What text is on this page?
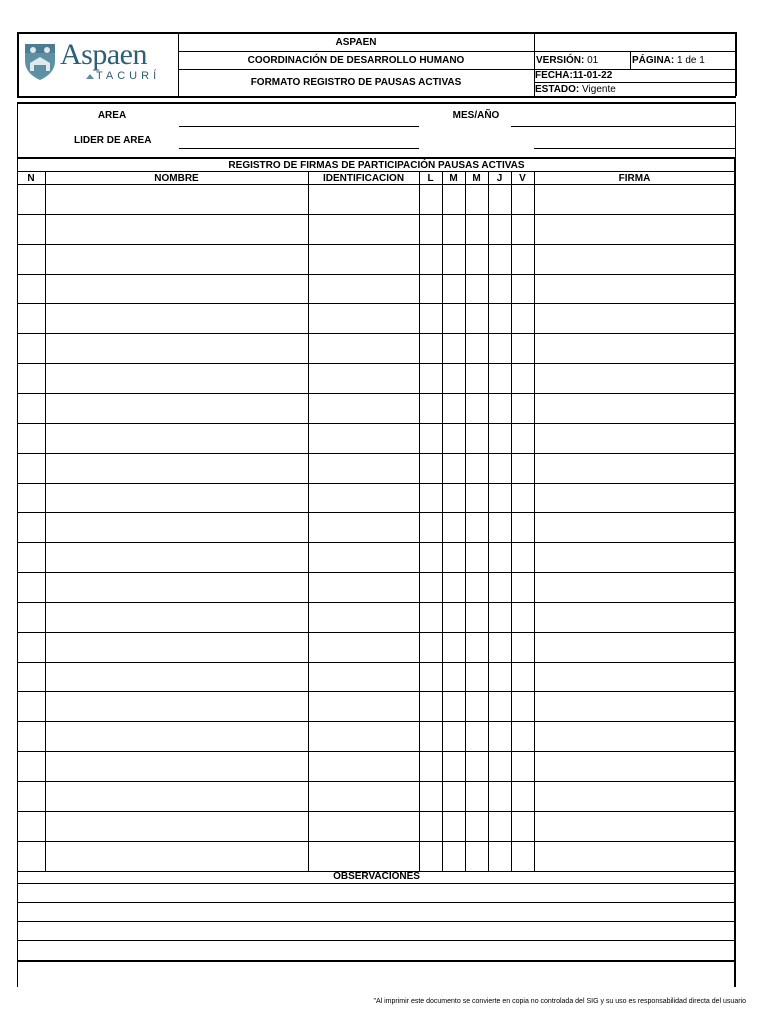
Aspaen
TACURÍ
ASPAEN
COORDINACIÓN DE DESARROLLO HUMANO
FORMATO REGISTRO DE PAUSAS ACTIVAS
VERSIÓN: 01	PÁGINA: 1 de 1
FECHA:11-01-22
ESTADO: Vigente
AREA	MES/AÑO
LIDER DE AREA
REGISTRO DE FIRMAS DE PARTICIPACIÓN PAUSAS ACTIVAS
N	NOMBRE	IDENTIFICACION	L	M	M	J	V	FIRMA
OBSERVACIONES
"Al imprimir este documento se convierte en copia no controlada del SIG y su uso es responsabilidad directa del usuario
